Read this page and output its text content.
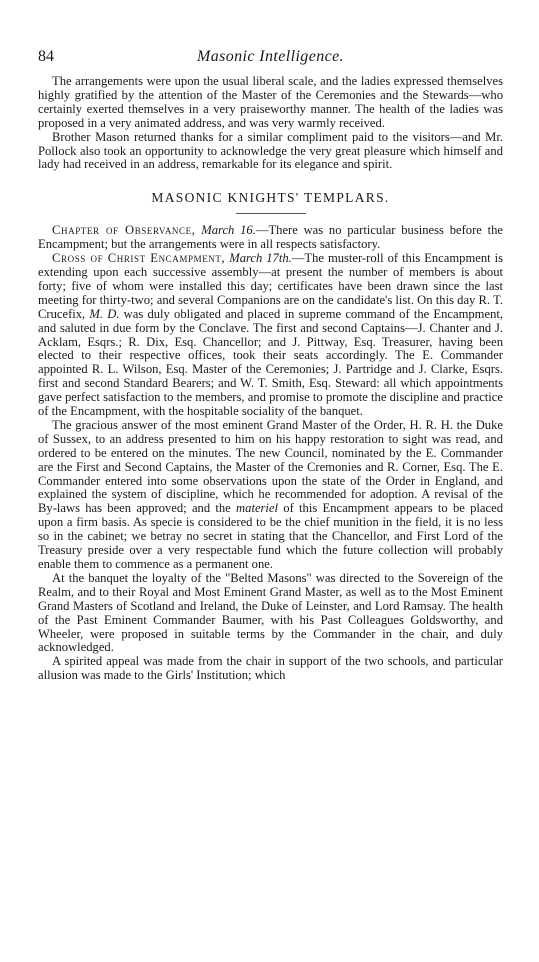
84	Masonic Intelligence.

The arrangements were upon the usual liberal scale, and the ladies expressed themselves highly gratified by the attention of the Master of the Ceremonies and the Stewards—who certainly exerted themselves in a very praiseworthy manner. The health of the ladies was proposed in a very animated address, and was very warmly received.

Brother Mason returned thanks for a similar compliment paid to the visitors—and Mr. Pollock also took an opportunity to acknowledge the very great pleasure which himself and lady had received in an address, remarkable for its elegance and spirit.

MASONIC KNIGHTS' TEMPLARS.

Chapter of Observance, March 16.—There was no particular business before the Encampment; but the arrangements were in all respects satisfactory.

Cross of Christ Encampment, March 17th.—The muster-roll of this Encampment is extending upon each successive assembly—at present the number of members is about forty; five of whom were installed this day; certificates have been drawn since the last meeting for thirty-two; and several Companions are on the candidate's list. On this day R. T. Crucefix, M. D. was duly obligated and placed in supreme command of the Encampment, and saluted in due form by the Conclave. The first and second Captains—J. Chanter and J. Acklam, Esqrs.; R. Dix, Esq. Chancellor; and J. Pittway, Esq. Treasurer, having been elected to their respective offices, took their seats accordingly. The E. Commander appointed R. L. Wilson, Esq. Master of the Ceremonies; J. Partridge and J. Clarke, Esqrs. first and second Standard Bearers; and W. T. Smith, Esq. Steward: all which appointments gave perfect satisfaction to the members, and promise to promote the discipline and practice of the Encampment, with the hospitable sociality of the banquet.

The gracious answer of the most eminent Grand Master of the Order, H. R. H. the Duke of Sussex, to an address presented to him on his happy restoration to sight was read, and ordered to be entered on the minutes. The new Council, nominated by the E. Commander are the First and Second Captains, the Master of the Cremonies and R. Corner, Esq. The E. Commander entered into some observations upon the state of the Order in England, and explained the system of discipline, which he recommended for adoption. A revisal of the By-laws has been approved; and the materiel of this Encampment appears to be placed upon a firm basis. As specie is considered to be the chief munition in the field, it is no less so in the cabinet; we betray no secret in stating that the Chancellor, and First Lord of the Treasury preside over a very respectable fund which the future collection will probably enable them to commence as a permanent one.

At the banquet the loyalty of the "Belted Masons" was directed to the Sovereign of the Realm, and to their Royal and Most Eminent Grand Master, as well as to the Most Eminent Grand Masters of Scotland and Ireland, the Duke of Leinster, and Lord Ramsay. The health of the Past Eminent Commander Baumer, with his Past Colleagues Goldsworthy, and Wheeler, were proposed in suitable terms by the Commander in the chair, and duly acknowledged.

A spirited appeal was made from the chair in support of the two schools, and particular allusion was made to the Girls' Institution; which
